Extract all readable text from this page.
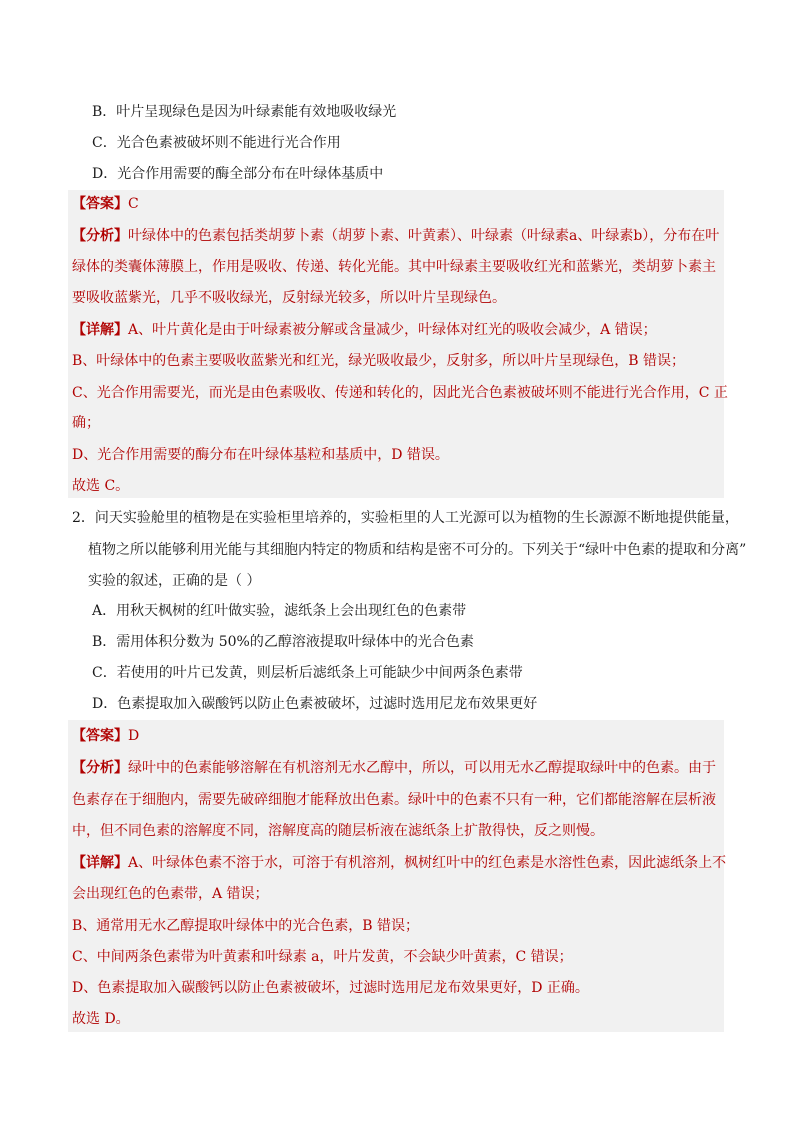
B．叶片呈现绿色是因为叶绿素能有效地吸收绿光
C．光合色素被破坏则不能进行光合作用
D．光合作用需要的酶全部分布在叶绿体基质中
【答案】C
【分析】叶绿体中的色素包括类胡萝卜素（胡萝卜素、叶黄素）、叶绿素（叶绿素a、叶绿素b），分布在叶
绿体的类囊体薄膜上，作用是吸收、传递、转化光能。其中叶绿素主要吸收红光和蓝紫光，类胡萝卜素主
要吸收蓝紫光，几乎不吸收绿光，反射绿光较多，所以叶片呈现绿色。
【详解】A、叶片黄化是由于叶绿素被分解或含量减少，叶绿体对红光的吸收会减少，A 错误；
B、叶绿体中的色素主要吸收蓝紫光和红光，绿光吸收最少，反射多，所以叶片呈现绿色，B 错误；
C、光合作用需要光，而光是由色素吸收、传递和转化的，因此光合色素被破坏则不能进行光合作用，C 正
确；
D、光合作用需要的酶分布在叶绿体基粒和基质中，D 错误。
故选 C。
2．问天实验舱里的植物是在实验柜里培养的，实验柜里的人工光源可以为植物的生长源源不断地提供能量，
植物之所以能够利用光能与其细胞内特定的物质和结构是密不可分的。下列关于“绿叶中色素的提取和分离”
实验的叙述，正确的是（ ）
A．用秋天枫树的红叶做实验，滤纸条上会出现红色的色素带
B．需用体积分数为 50%的乙醇溶液提取叶绿体中的光合色素
C．若使用的叶片已发黄，则层析后滤纸条上可能缺少中间两条色素带
D．色素提取加入碳酸钙以防止色素被破坏，过滤时选用尼龙布效果更好
【答案】D
【分析】绿叶中的色素能够溶解在有机溶剂无水乙醇中，所以，可以用无水乙醇提取绿叶中的色素。由于
色素存在于细胞内，需要先破碎细胞才能释放出色素。绿叶中的色素不只有一种，它们都能溶解在层析液
中，但不同色素的溶解度不同，溶解度高的随层析液在滤纸条上扩散得快，反之则慢。
【详解】A、叶绿体色素不溶于水，可溶于有机溶剂，枫树红叶中的红色素是水溶性色素，因此滤纸条上不
会出现红色的色素带，A 错误；
B、通常用无水乙醇提取叶绿体中的光合色素，B 错误；
C、中间两条色素带为叶黄素和叶绿素 a，叶片发黄，不会缺少叶黄素，C 错误；
D、色素提取加入碳酸钙以防止色素被破坏，过滤时选用尼龙布效果更好，D 正确。
故选 D。
